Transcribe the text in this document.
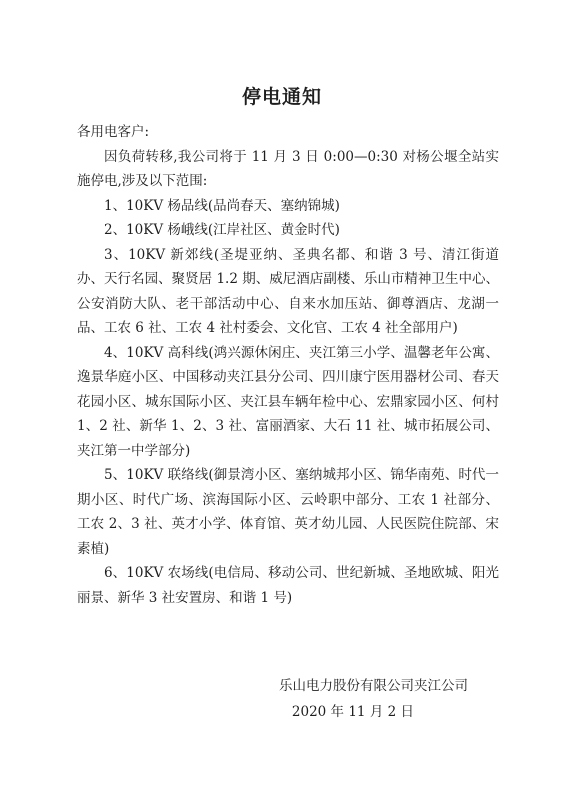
停电通知

各用电客户:

因负荷转移,我公司将于 11 月 3 日 0:00—0:30 对杨公堰全站实施停电,涉及以下范围:

1、10KV 杨品线(品尚春天、塞纳锦城)

2、10KV 杨峨线(江岸社区、黄金时代)

3、10KV 新郊线(圣堤亚纳、圣典名都、和谐 3 号、清江街道办、天行名园、聚贤居 1.2 期、威尼酒店副楼、乐山市精神卫生中心、公安消防大队、老干部活动中心、自来水加压站、御尊酒店、龙湖一品、工农 6 社、工农 4 社村委会、文化官、工农 4 社全部用户)

4、10KV 高科线(鸿兴源休闲庄、夹江第三小学、温馨老年公寓、逸景华庭小区、中国移动夹江县分公司、四川康宁医用器材公司、春天花园小区、城东国际小区、夹江县车辆年检中心、宏鼎家园小区、何村 1、2 社、新华 1、2、3 社、富丽酒家、大石 11 社、城市拓展公司、夹江第一中学部分)

5、10KV 联络线(御景湾小区、塞纳城邦小区、锦华南苑、时代一期小区、时代广场、滨海国际小区、云岭职中部分、工农 1 社部分、工农 2、3 社、英才小学、体育馆、英才幼儿园、人民医院住院部、宋素植)

6、10KV 农场线(电信局、移动公司、世纪新城、圣地欧城、阳光丽景、新华 3 社安置房、和谐 1 号)

乐山电力股份有限公司夹江公司
2020 年 11 月 2 日
